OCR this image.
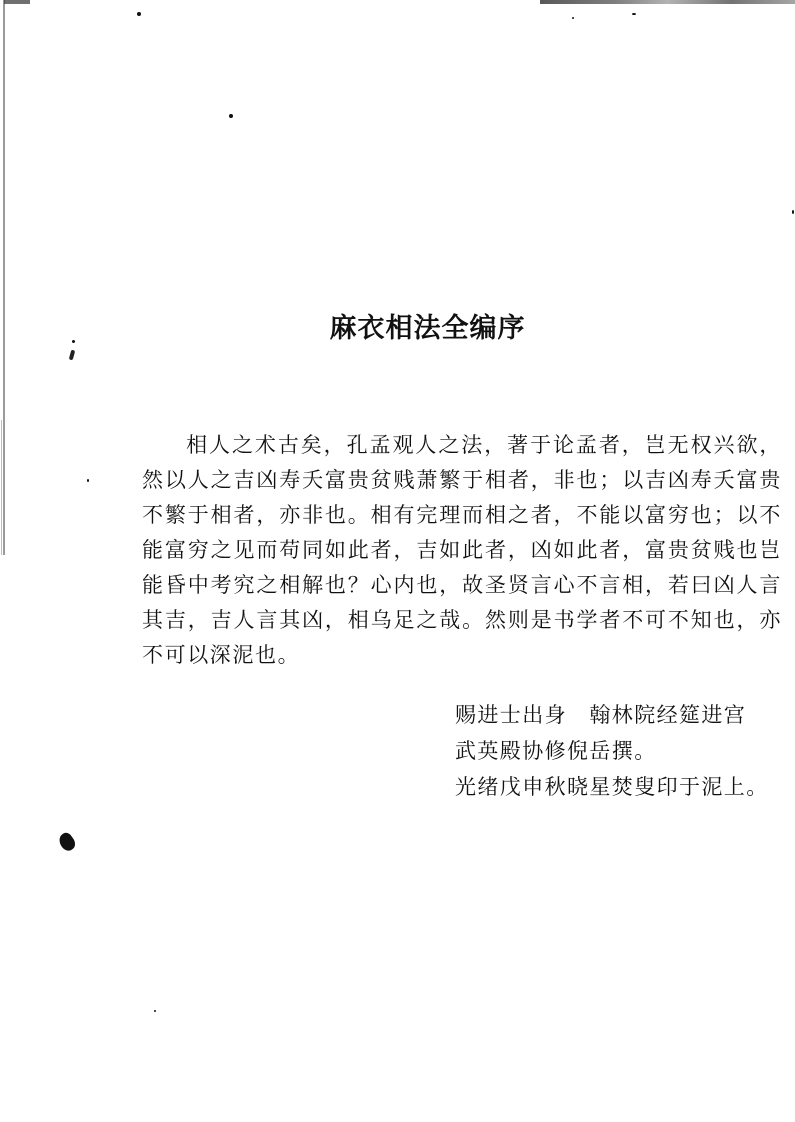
麻衣相法全编序

相人之术古矣，孔孟观人之法，著于论孟者，岂无权兴欲，然以人之吉凶寿夭富贵贫贱萧繁于相者，非也；以吉凶寿夭富贵不繁于相者，亦非也。相有完理而相之者，不能以富穷也；以不能富穷之见而苟同如此者，吉如此者，凶如此者，富贵贫贱也岂能昏中考究之相解也？心内也，故圣贤言心不言相，若曰凶人言其吉，吉人言其凶，相乌足之哉。然则是书学者不可不知也，亦不可以深泥也。

赐进士出身　翰林院经筵进宫
武英殿协修倪岳撰。
光绪戊申秋晓星焚叟印于泥上。
